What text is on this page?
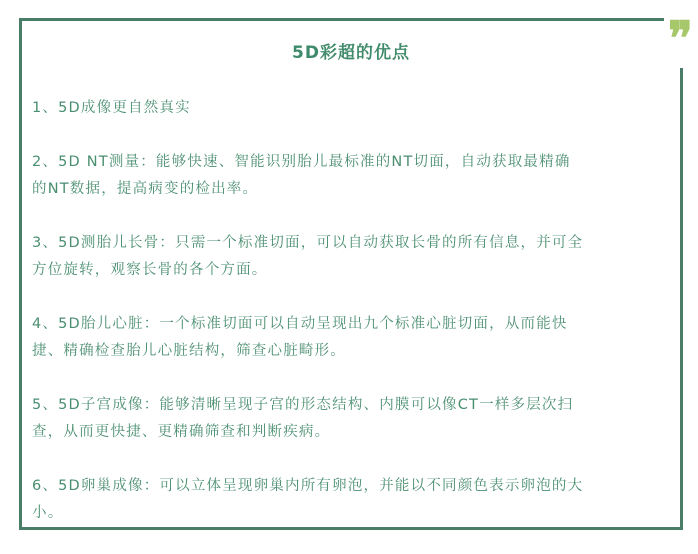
5D彩超的优点

1、5D成像更自然真实

2、5D NT测量：能够快速、智能识别胎儿最标准的NT切面，自动获取最精确
的NT数据，提高病变的检出率。

3、5D测胎儿长骨：只需一个标准切面，可以自动获取长骨的所有信息，并可全
方位旋转，观察长骨的各个方面。

4、5D胎儿心脏：一个标准切面可以自动呈现出九个标准心脏切面，从而能快
捷、精确检查胎儿心脏结构，筛查心脏畸形。

5、5D子宫成像：能够清晰呈现子宫的形态结构、内膜可以像CT一样多层次扫
查，从而更快捷、更精确筛查和判断疾病。

6、5D卵巢成像：可以立体呈现卵巢内所有卵泡，并能以不同颜色表示卵泡的大
小。

❞
